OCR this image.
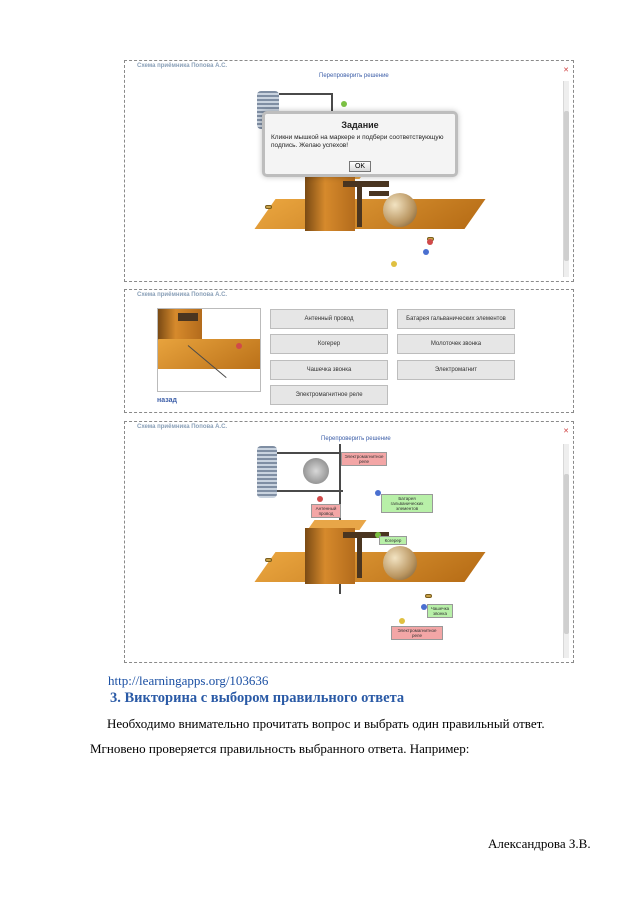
Схема приёмника Попова А.С.
Перепроверить решение
✕
Задание
Кликни мышкой на маркере и подбери соответствующую подпись. Желаю успехов!
OK
Схема приёмника Попова А.С.
Антенный провод	Батарея гальванических элементов
Когерер	Молоточек звонка
Чашечка звонка	Электромагнит
Электромагнитное реле
назад
Схема приёмника Попова А.С.
Перепроверить решение
✕
Электромагнитное реле
Антенный провод
Батарея гальванических элементов
Когерер
Чашечка звонка
Электромагнитное реле
http://learningapps.org/103636
3. Викторина с выбором правильного ответа
Необходимо внимательно прочитать вопрос и выбрать один правильный ответ.
Мгновено проверяется правильность выбранного ответа. Например:
Александрова З.В.
